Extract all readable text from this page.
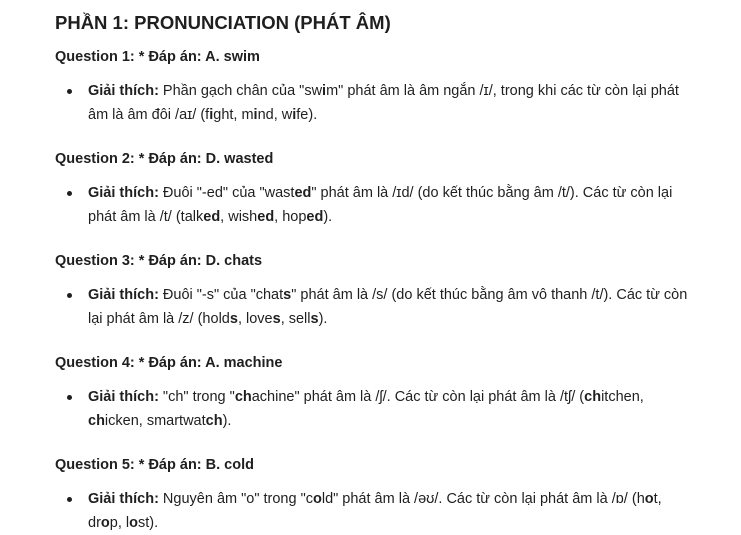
PHẦN 1: PRONUNCIATION (PHÁT ÂM)
Question 1: * Đáp án: A. swim
Giải thích: Phần gạch chân của "swim" phát âm là âm ngắn /ɪ/, trong khi các từ còn lại phát âm là âm đôi /aɪ/ (fight, mind, wife).
Question 2: * Đáp án: D. wasted
Giải thích: Đuôi "-ed" của "wasted" phát âm là /ɪd/ (do kết thúc bằng âm /t/). Các từ còn lại phát âm là /t/ (talked, wished, hoped).
Question 3: * Đáp án: D. chats
Giải thích: Đuôi "-s" của "chats" phát âm là /s/ (do kết thúc bằng âm vô thanh /t/). Các từ còn lại phát âm là /z/ (holds, loves, sells).
Question 4: * Đáp án: A. machine
Giải thích: "ch" trong "chachine" phát âm là /ʃ/. Các từ còn lại phát âm là /tʃ/ (chitchen, chicken, smartwatch).
Question 5: * Đáp án: B. cold
Giải thích: Nguyên âm "o" trong "cold" phát âm là /əʊ/. Các từ còn lại phát âm là /ɒ/ (hot, drop, lost).
